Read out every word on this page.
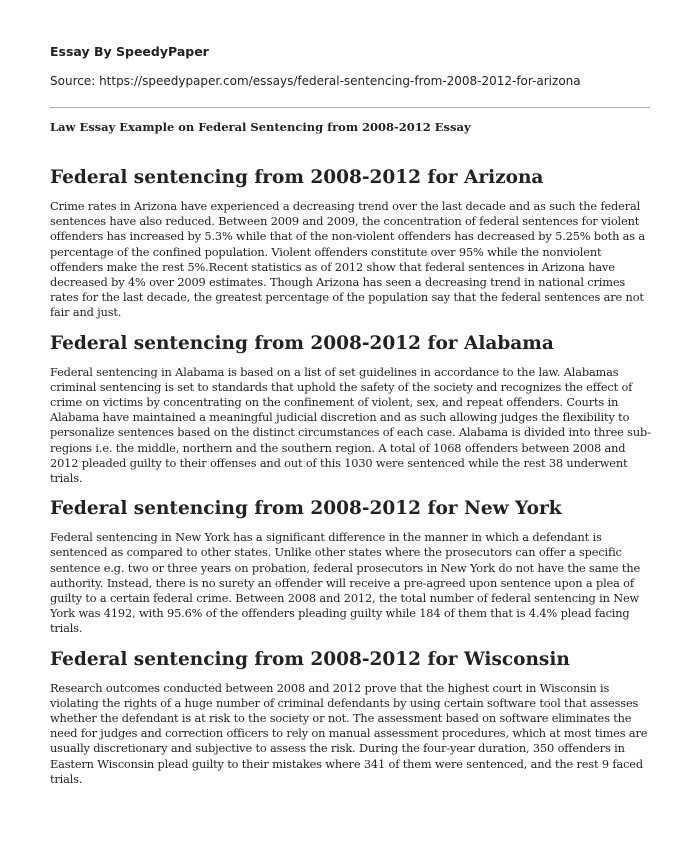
Essay By SpeedyPaper
Source: https://speedypaper.com/essays/federal-sentencing-from-2008-2012-for-arizona
Law Essay Example on Federal Sentencing from 2008-2012 Essay
Federal sentencing from 2008-2012 for Arizona

Crime rates in Arizona have experienced a decreasing trend over the last decade and as such the federal sentences have also reduced. Between 2009 and 2009, the concentration of federal sentences for violent offenders has increased by 5.3% while that of the non-violent offenders has decreased by 5.25% both as a percentage of the confined population. Violent offenders constitute over 95% while the nonviolent offenders make the rest 5%.Recent statistics as of 2012 show that federal sentences in Arizona have decreased by 4% over 2009 estimates. Though Arizona has seen a decreasing trend in national crimes rates for the last decade, the greatest percentage of the population say that the federal sentences are not fair and just.

Federal sentencing from 2008-2012 for Alabama

Federal sentencing in Alabama is based on a list of set guidelines in accordance to the law. Alabamas criminal sentencing is set to standards that uphold the safety of the society and recognizes the effect of crime on victims by concentrating on the confinement of violent, sex, and repeat offenders. Courts in Alabama have maintained a meaningful judicial discretion and as such allowing judges the flexibility to personalize sentences based on the distinct circumstances of each case. Alabama is divided into three sub-regions i.e. the middle, northern and the southern region. A total of 1068 offenders between 2008 and 2012 pleaded guilty to their offenses and out of this 1030 were sentenced while the rest 38 underwent trials.

Federal sentencing from 2008-2012 for New York

Federal sentencing in New York has a significant difference in the manner in which a defendant is sentenced as compared to other states. Unlike other states where the prosecutors can offer a specific sentence e.g. two or three years on probation, federal prosecutors in New York do not have the same the authority. Instead, there is no surety an offender will receive a pre-agreed upon sentence upon a plea of guilty to a certain federal crime. Between 2008 and 2012, the total number of federal sentencing in New York was 4192, with 95.6% of the offenders pleading guilty while 184 of them that is 4.4% plead facing trials.

Federal sentencing from 2008-2012 for Wisconsin

Research outcomes conducted between 2008 and 2012 prove that the highest court in Wisconsin is violating the rights of a huge number of criminal defendants by using certain software tool that assesses whether the defendant is at risk to the society or not. The assessment based on software eliminates the need for judges and correction officers to rely on manual assessment procedures, which at most times are usually discretionary and subjective to assess the risk. During the four-year duration, 350 offenders in Eastern Wisconsin plead guilty to their mistakes where 341 of them were sentenced, and the rest 9 faced trials.
